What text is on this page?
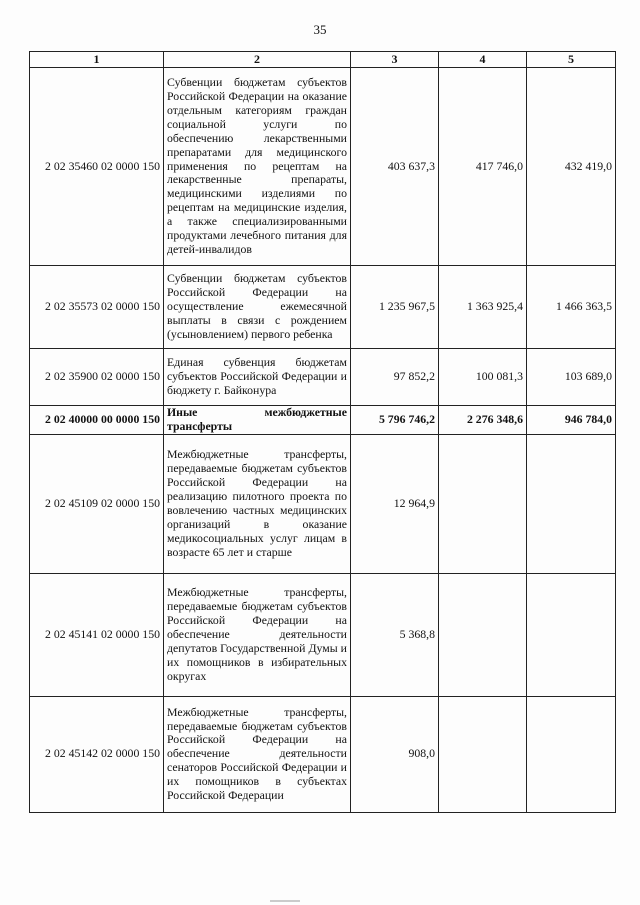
35
1	2	3	4	5
2 02 35460 02 0000 150	Субвенции бюджетам субъектов Российской Федерации на оказание отдельным категориям граждан социальной услуги по обеспечению лекарственными препаратами для медицинского применения по рецептам на лекарственные препараты, медицинскими изделиями по рецептам на медицинские изделия, а также специализированными продуктами лечебного питания для детей-инвалидов	403 637,3	417 746,0	432 419,0
2 02 35573 02 0000 150	Субвенции бюджетам субъектов Российской Федерации на осуществление ежемесячной выплаты в связи с рождением (усыновлением) первого ребенка	1 235 967,5	1 363 925,4	1 466 363,5
2 02 35900 02 0000 150	Единая субвенция бюджетам субъектов Российской Федерации и бюджету г. Байконура	97 852,2	100 081,3	103 689,0
2 02 40000 00 0000 150	Иные межбюджетные трансферты	5 796 746,2	2 276 348,6	946 784,0
2 02 45109 02 0000 150	Межбюджетные трансферты, передаваемые бюджетам субъектов Российской Федерации на реализацию пилотного проекта по вовлечению частных медицинских организаций в оказание медикосоциальных услуг лицам в возрасте 65 лет и старше	12 964,9		
2 02 45141 02 0000 150	Межбюджетные трансферты, передаваемые бюджетам субъектов Российской Федерации на обеспечение деятельности депутатов Государственной Думы и их помощников в избирательных округах	5 368,8		
2 02 45142 02 0000 150	Межбюджетные трансферты, передаваемые бюджетам субъектов Российской Федерации на обеспечение деятельности сенаторов Российской Федерации и их помощников в субъектах Российской Федерации	908,0		
